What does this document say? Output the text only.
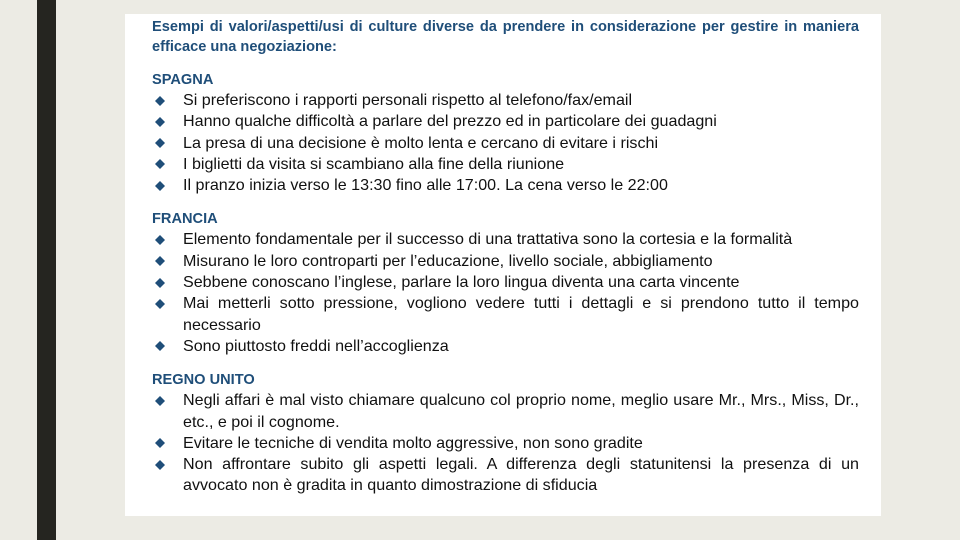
Esempi di valori/aspetti/usi di culture diverse da prendere in considerazione per gestire in maniera efficace una negoziazione:

SPAGNA
Si preferiscono i rapporti personali rispetto al telefono/fax/email
Hanno qualche difficoltà a parlare del prezzo ed in particolare dei guadagni
La presa di una decisione è molto lenta e cercano di evitare i rischi
I biglietti da visita si scambiano alla fine della riunione
Il pranzo inizia verso le 13:30 fino alle 17:00. La cena verso le 22:00
FRANCIA
Elemento fondamentale per il successo di una trattativa sono la cortesia e la formalità
Misurano le loro controparti per l’educazione, livello sociale, abbigliamento
Sebbene conoscano l’inglese, parlare la loro lingua diventa una carta vincente
Mai metterli sotto pressione, vogliono vedere tutti i dettagli e si prendono tutto il tempo necessario
Sono piuttosto freddi nell’accoglienza
REGNO UNITO
Negli affari è mal visto chiamare qualcuno col proprio nome, meglio usare Mr., Mrs., Miss, Dr., etc., e poi il cognome.
Evitare le tecniche di vendita molto aggressive, non sono gradite
Non affrontare subito gli aspetti legali. A differenza degli statunitensi la presenza di un avvocato non è gradita in quanto dimostrazione di sfiducia
